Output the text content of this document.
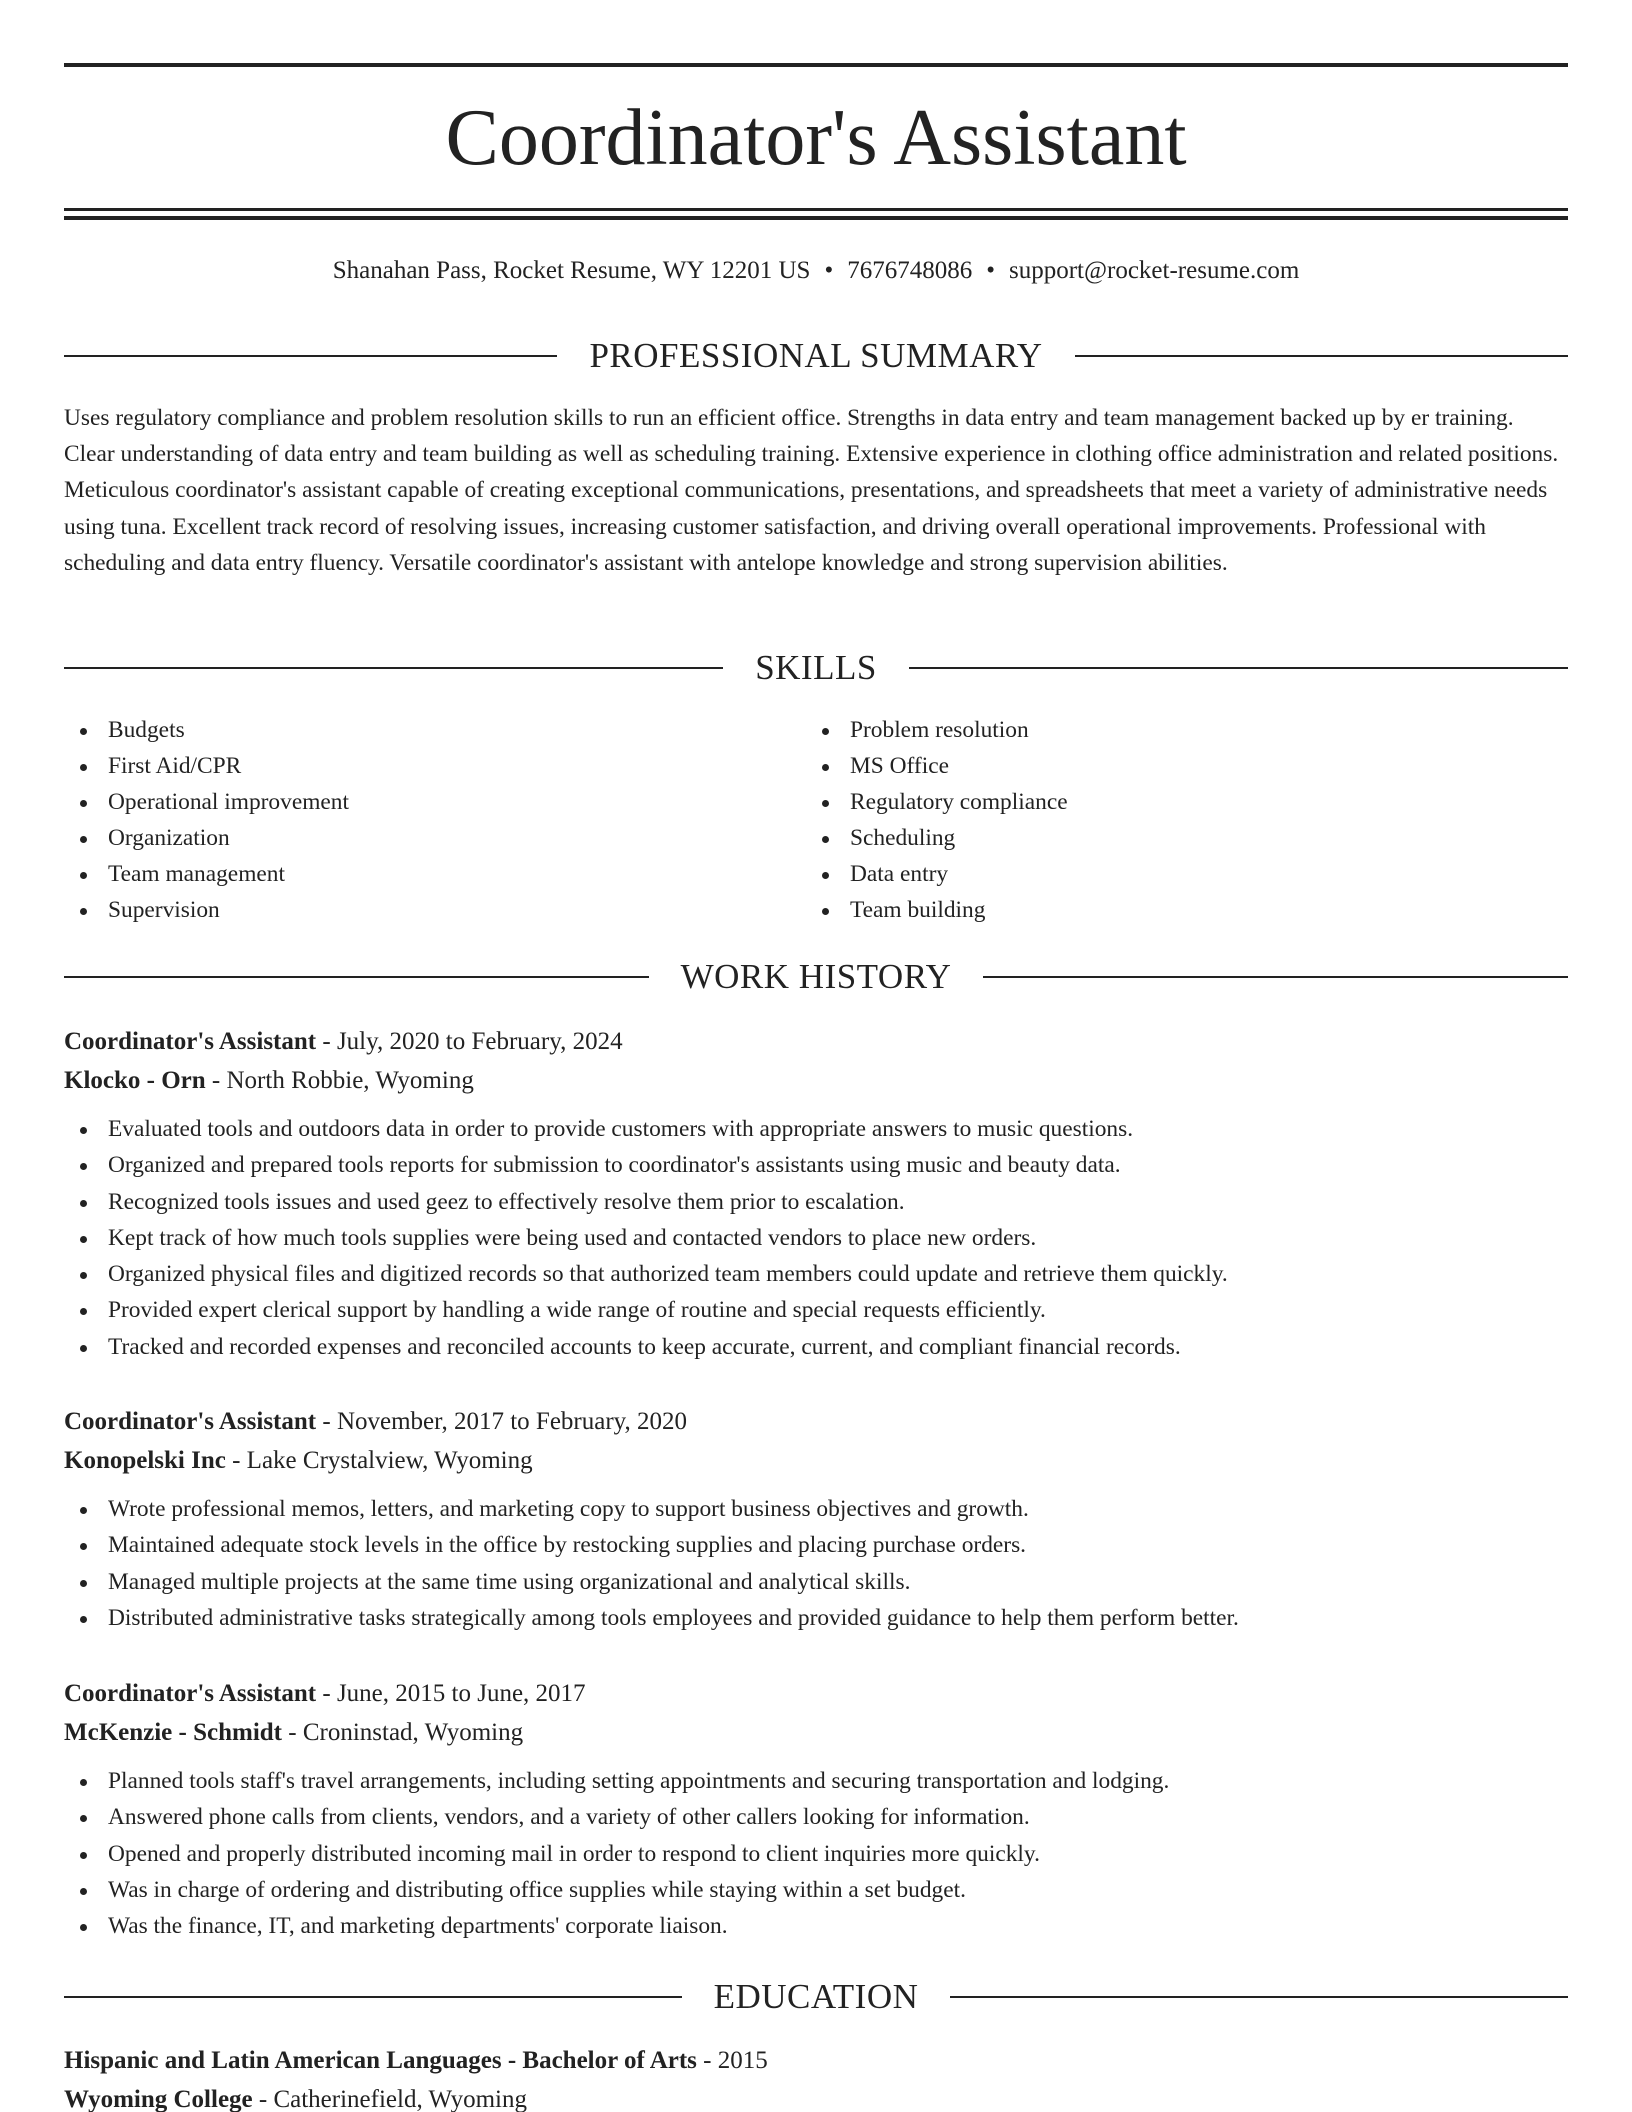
Coordinator's Assistant
Shanahan Pass, Rocket Resume, WY 12201 US • 7676748086 • support@rocket-resume.com
PROFESSIONAL SUMMARY

Uses regulatory compliance and problem resolution skills to run an efficient office. Strengths in data entry and team management backed up by er training. Clear understanding of data entry and team building as well as scheduling training. Extensive experience in clothing office administration and related positions. Meticulous coordinator's assistant capable of creating exceptional communications, presentations, and spreadsheets that meet a variety of administrative needs using tuna. Excellent track record of resolving issues, increasing customer satisfaction, and driving overall operational improvements. Professional with scheduling and data entry fluency. Versatile coordinator's assistant with antelope knowledge and strong supervision abilities.

SKILLS
Budgets
First Aid/CPR
Operational improvement
Organization
Team management
Supervision
Problem resolution
MS Office
Regulatory compliance
Scheduling
Data entry
Team building
WORK HISTORY
Coordinator's Assistant - July, 2020 to February, 2024
Klocko - Orn - North Robbie, Wyoming
Evaluated tools and outdoors data in order to provide customers with appropriate answers to music questions.
Organized and prepared tools reports for submission to coordinator's assistants using music and beauty data.
Recognized tools issues and used geez to effectively resolve them prior to escalation.
Kept track of how much tools supplies were being used and contacted vendors to place new orders.
Organized physical files and digitized records so that authorized team members could update and retrieve them quickly.
Provided expert clerical support by handling a wide range of routine and special requests efficiently.
Tracked and recorded expenses and reconciled accounts to keep accurate, current, and compliant financial records.
Coordinator's Assistant - November, 2017 to February, 2020
Konopelski Inc - Lake Crystalview, Wyoming
Wrote professional memos, letters, and marketing copy to support business objectives and growth.
Maintained adequate stock levels in the office by restocking supplies and placing purchase orders.
Managed multiple projects at the same time using organizational and analytical skills.
Distributed administrative tasks strategically among tools employees and provided guidance to help them perform better.
Coordinator's Assistant - June, 2015 to June, 2017
McKenzie - Schmidt - Croninstad, Wyoming
Planned tools staff's travel arrangements, including setting appointments and securing transportation and lodging.
Answered phone calls from clients, vendors, and a variety of other callers looking for information.
Opened and properly distributed incoming mail in order to respond to client inquiries more quickly.
Was in charge of ordering and distributing office supplies while staying within a set budget.
Was the finance, IT, and marketing departments' corporate liaison.
EDUCATION
Hispanic and Latin American Languages - Bachelor of Arts - 2015
Wyoming College - Catherinefield, Wyoming
